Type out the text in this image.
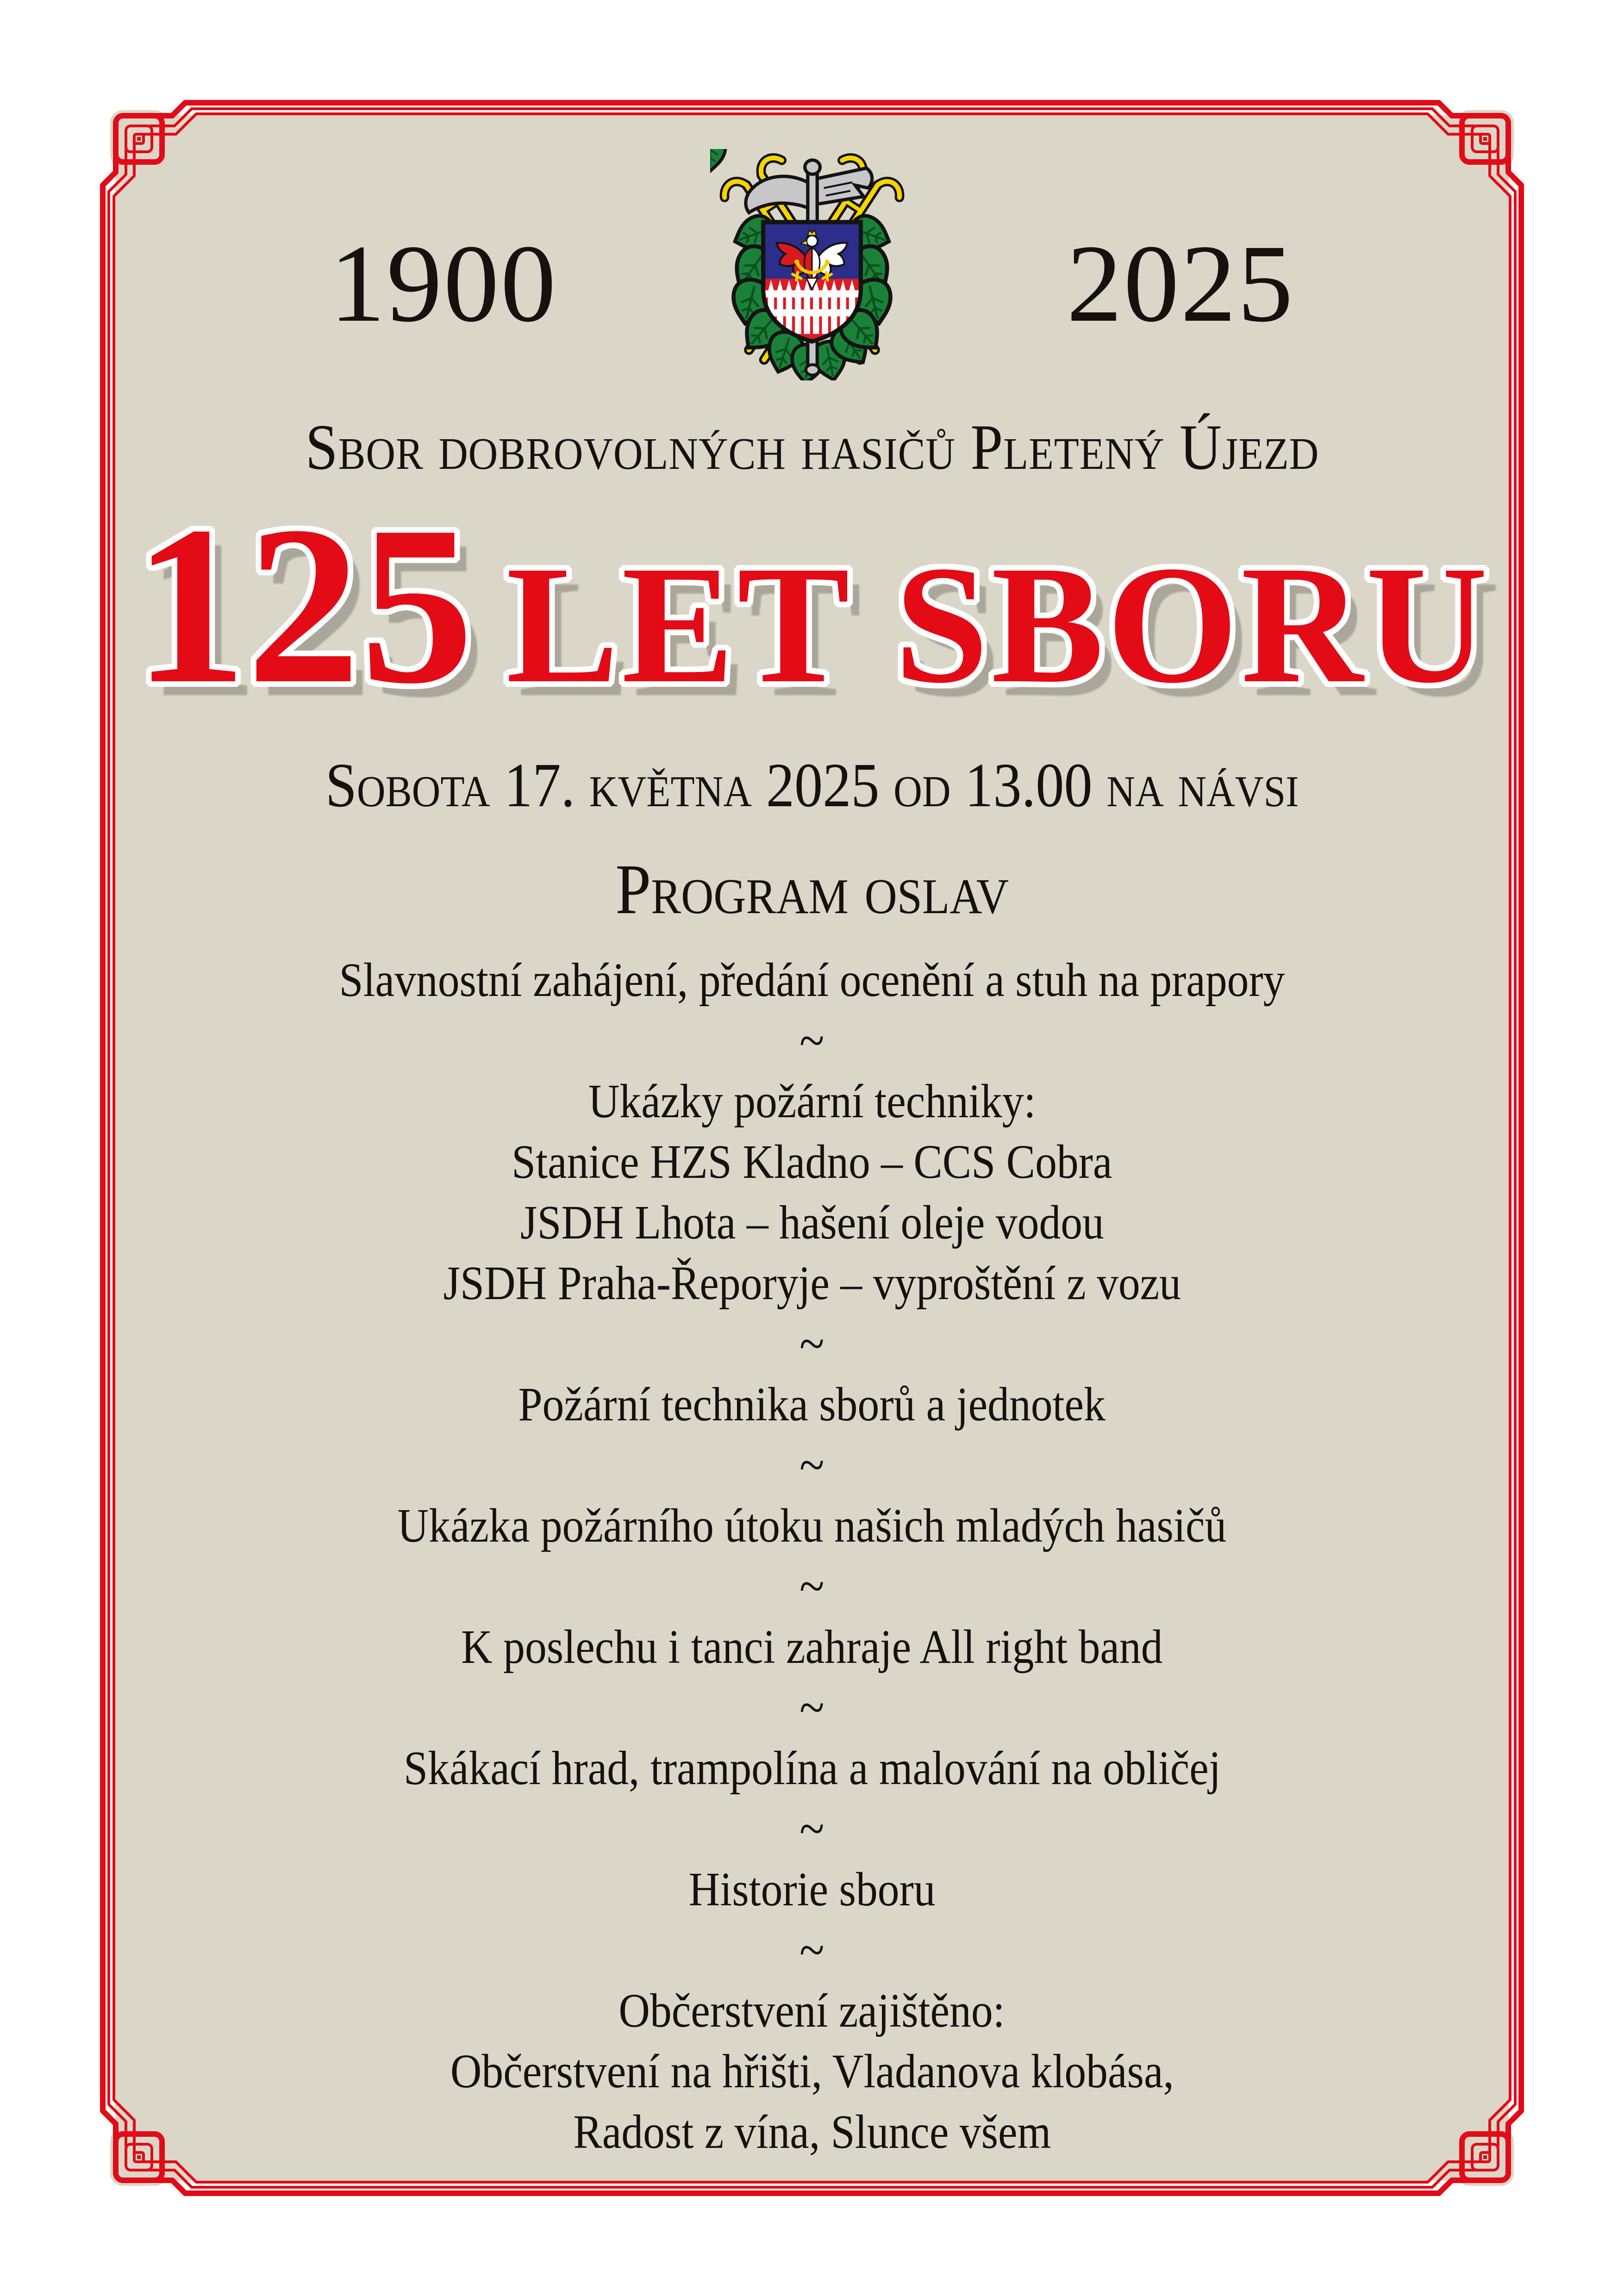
1900	2025
Sbor dobrovolných hasičů Pletený Újezd
125 LET SBORU
Sobota 17. května 2025 od 13.00 na návsi
Program oslav
Slavnostní zahájení, předání ocenění a stuh na prapory
~
Ukázky požární techniky:
Stanice HZS Kladno – CCS Cobra
JSDH Lhota – hašení oleje vodou
JSDH Praha-Řeporyje – vyproštění z vozu
~
Požární technika sborů a jednotek
~
Ukázka požárního útoku našich mladých hasičů
~
K poslechu i tanci zahraje All right band
~
Skákací hrad, trampolína a malování na obličej
~
Historie sboru
~
Občerstvení zajištěno:
Občerstvení na hřišti, Vladanova klobása,
Radost z vína, Slunce všem
